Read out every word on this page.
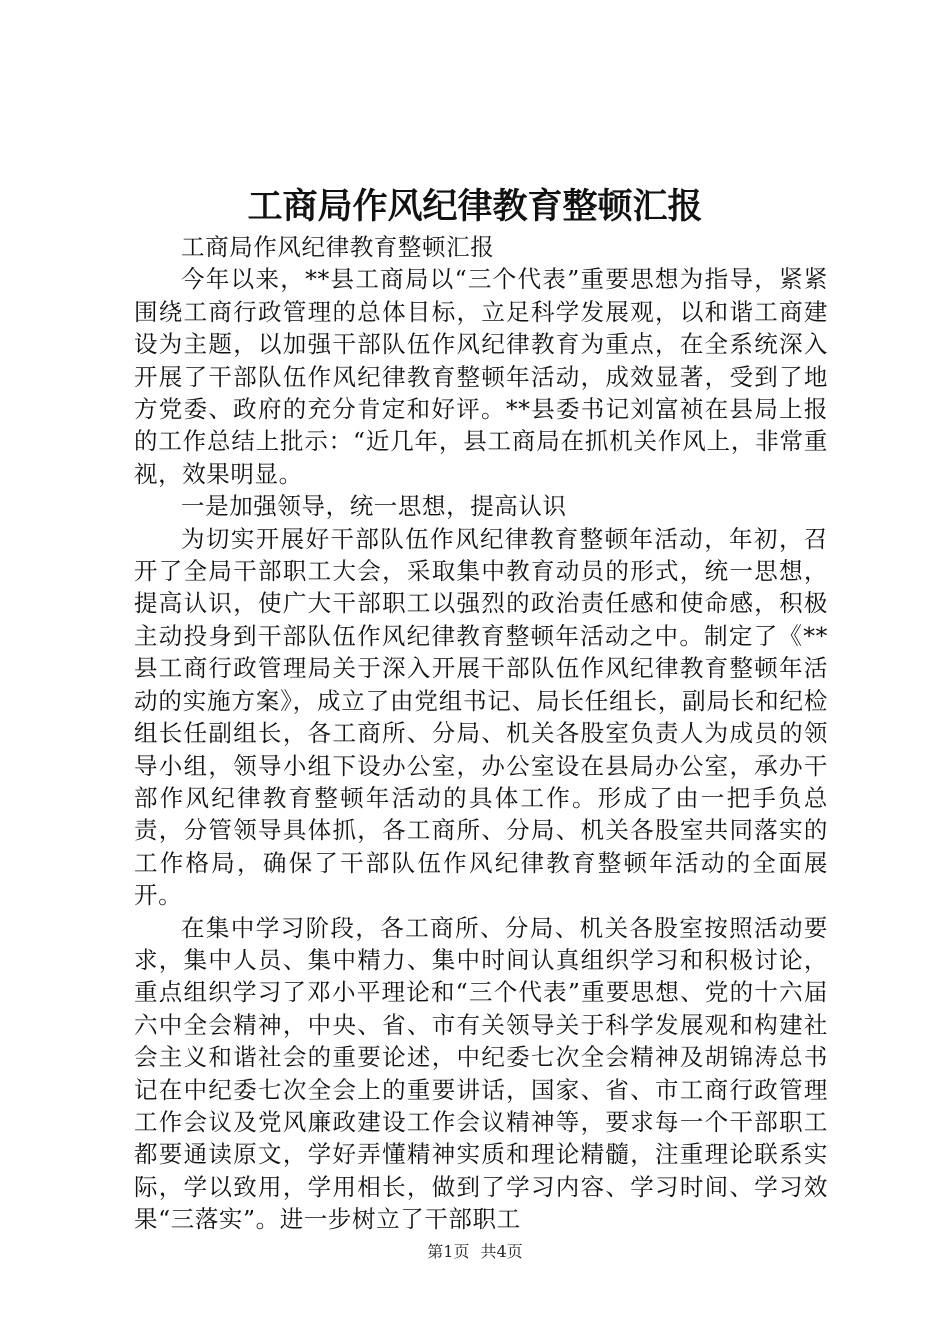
工商局作风纪律教育整顿汇报

工商局作风纪律教育整顿汇报

今年以来，**县工商局以“三个代表”重要思想为指导，紧紧围绕工商行政管理的总体目标，立足科学发展观，以和谐工商建设为主题，以加强干部队伍作风纪律教育为重点，在全系统深入开展了干部队伍作风纪律教育整顿年活动，成效显著，受到了地方党委、政府的充分肯定和好评。**县委书记刘富祯在县局上报的工作总结上批示：“近几年，县工商局在抓机关作风上，非常重视，效果明显。

一是加强领导，统一思想，提高认识

为切实开展好干部队伍作风纪律教育整顿年活动，年初，召开了全局干部职工大会，采取集中教育动员的形式，统一思想，提高认识，使广大干部职工以强烈的政治责任感和使命感，积极主动投身到干部队伍作风纪律教育整顿年活动之中。制定了《**县工商行政管理局关于深入开展干部队伍作风纪律教育整顿年活动的实施方案》，成立了由党组书记、局长任组长，副局长和纪检组长任副组长，各工商所、分局、机关各股室负责人为成员的领导小组，领导小组下设办公室，办公室设在县局办公室，承办干部作风纪律教育整顿年活动的具体工作。形成了由一把手负总责，分管领导具体抓，各工商所、分局、机关各股室共同落实的工作格局，确保了干部队伍作风纪律教育整顿年活动的全面展开。

在集中学习阶段，各工商所、分局、机关各股室按照活动要求，集中人员、集中精力、集中时间认真组织学习和积极讨论，重点组织学习了邓小平理论和“三个代表”重要思想、党的十六届六中全会精神，中央、省、市有关领导关于科学发展观和构建社会主义和谐社会的重要论述，中纪委七次全会精神及胡锦涛总书记在中纪委七次全会上的重要讲话，国家、省、市工商行政管理工作会议及党风廉政建设工作会议精神等，要求每一个干部职工都要通读原文，学好弄懂精神实质和理论精髓，注重理论联系实际，学以致用，学用相长，做到了学习内容、学习时间、学习效果“三落实”。进一步树立了干部职工

第1页 共4页
